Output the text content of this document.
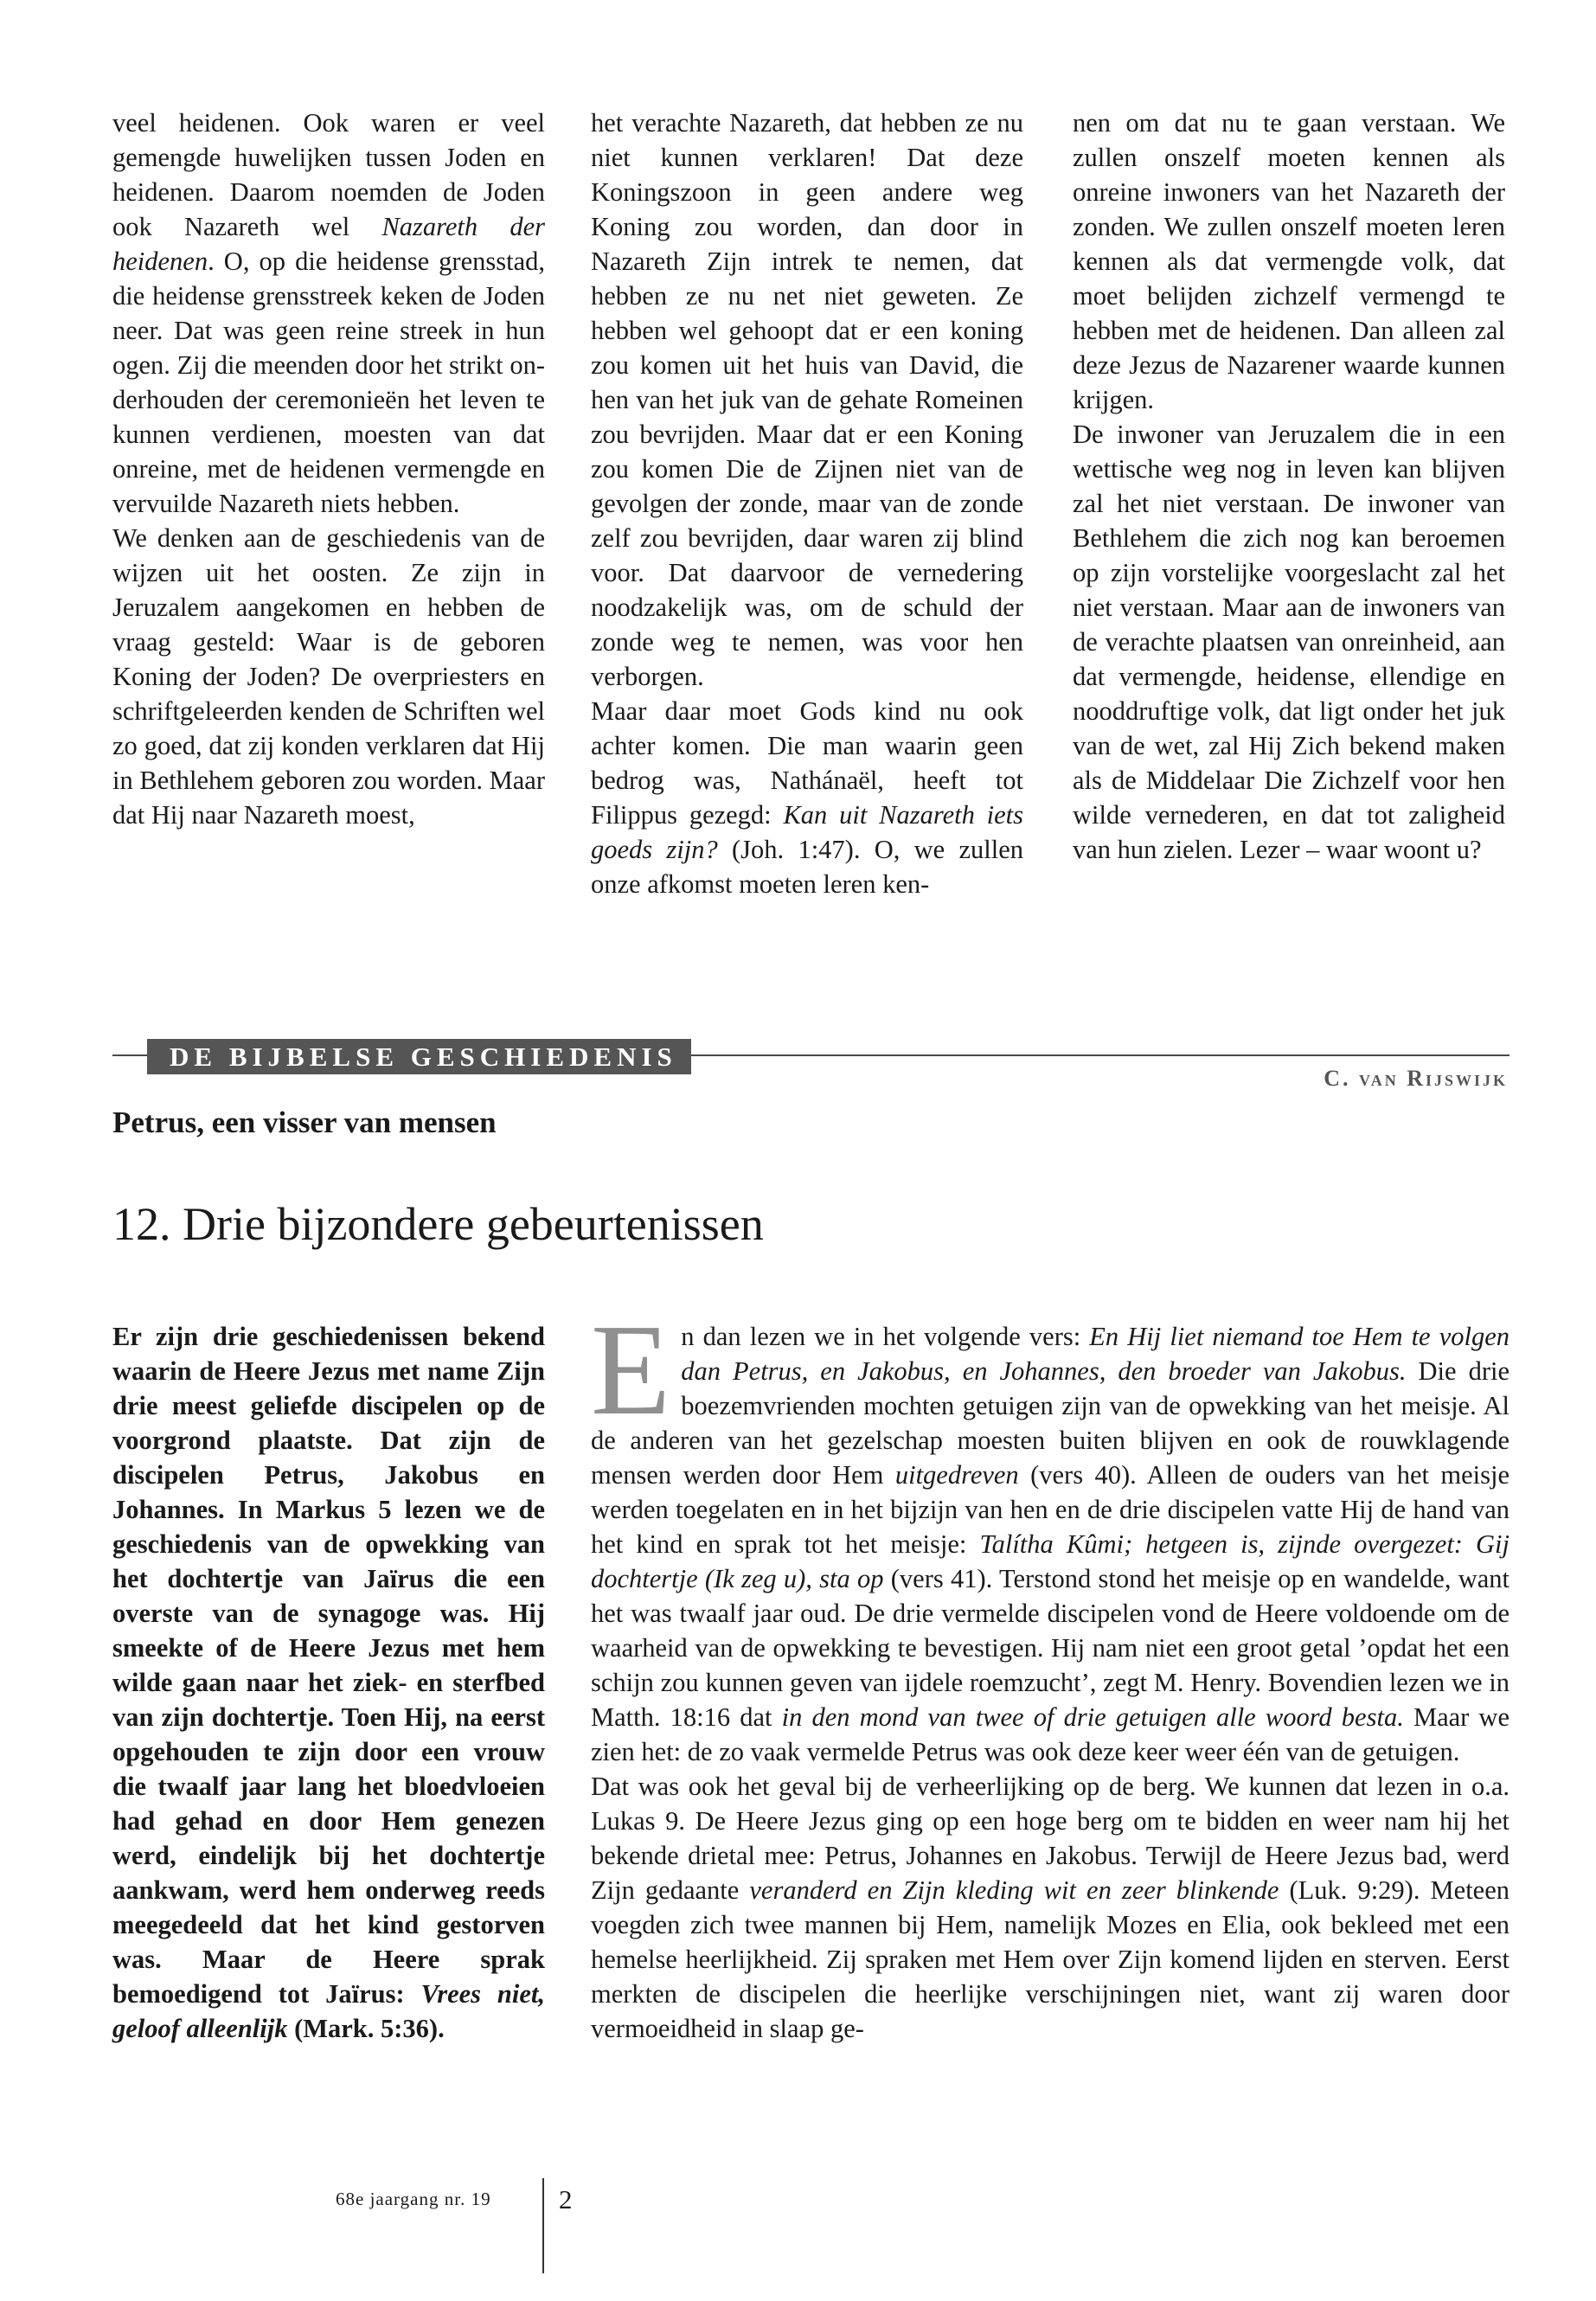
veel heidenen. Ook waren er veel gemengde huwelijken tussen Joden en heidenen. Daarom noemden de Joden ook Nazareth wel Nazareth der heidenen. O, op die heidense grensstad, die heidense grensstreek keken de Joden neer. Dat was geen reine streek in hun ogen. Zij die meenden door het strikt onderhouden der ceremonieën het leven te kunnen verdienen, moesten van dat onreine, met de heidenen vermengde en vervuilde Nazareth niets hebben.

We denken aan de geschiedenis van de wijzen uit het oosten. Ze zijn in Jeruzalem aangekomen en hebben de vraag gesteld: Waar is de geboren Koning der Joden? De overpriesters en schriftgeleerden kenden de Schriften wel zo goed, dat zij konden verklaren dat Hij in Bethlehem geboren zou worden. Maar dat Hij naar Nazareth moest,

het verachte Nazareth, dat hebben ze nu niet kunnen verklaren! Dat deze Koningszoon in geen andere weg Koning zou worden, dan door in Nazareth Zijn intrek te nemen, dat hebben ze nu net niet geweten. Ze hebben wel gehoopt dat er een koning zou komen uit het huis van David, die hen van het juk van de gehate Romeinen zou bevrijden. Maar dat er een Koning zou komen Die de Zijnen niet van de gevolgen der zonde, maar van de zonde zelf zou bevrijden, daar waren zij blind voor. Dat daarvoor de vernedering noodzakelijk was, om de schuld der zonde weg te nemen, was voor hen verborgen.

Maar daar moet Gods kind nu ook achter komen. Die man waarin geen bedrog was, Nathánaël, heeft tot Filippus gezegd: Kan uit Nazareth iets goeds zijn? (Joh. 1:47). O, we zullen onze afkomst moeten leren ken-

nen om dat nu te gaan verstaan. We zullen onszelf moeten kennen als onreine inwoners van het Nazareth der zonden. We zullen onszelf moeten leren kennen als dat vermengde volk, dat moet belijden zichzelf vermengd te hebben met de heidenen. Dan alleen zal deze Jezus de Nazarener waarde kunnen krijgen.

De inwoner van Jeruzalem die in een wettische weg nog in leven kan blijven zal het niet verstaan. De inwoner van Bethlehem die zich nog kan beroemen op zijn vorstelijke voorgeslacht zal het niet verstaan. Maar aan de inwoners van de verachte plaatsen van onreinheid, aan dat vermengde, heidense, ellendige en nooddruftige volk, dat ligt onder het juk van de wet, zal Hij Zich bekend maken als de Middelaar Die Zichzelf voor hen wilde vernederen, en dat tot zaligheid van hun zielen. Lezer – waar woont u?

DE BIJBELSE GESCHIEDENIS
C. van Rijswijk
Petrus, een visser van mensen
12. Drie bijzondere gebeurtenissen
Er zijn drie geschiedenissen bekend waarin de Heere Jezus met name Zijn drie meest geliefde discipelen op de voorgrond plaatste. Dat zijn de discipelen Petrus, Jakobus en Johannes. In Markus 5 lezen we de geschiedenis van de opwekking van het dochtertje van Jaïrus die een overste van de synagoge was. Hij smeekte of de Heere Jezus met hem wilde gaan naar het ziek- en sterfbed van zijn dochtertje. Toen Hij, na eerst opgehouden te zijn door een vrouw die twaalf jaar lang het bloedvloeien had gehad en door Hem genezen werd, eindelijk bij het dochtertje aankwam, werd hem onderweg reeds meegedeeld dat het kind gestorven was. Maar de Heere sprak bemoedigend tot Jaïrus: Vrees niet, geloof alleenlijk (Mark. 5:36).

En dan lezen we in het volgende vers: En Hij liet niemand toe Hem te volgen dan Petrus, en Jakobus, en Johannes, den broeder van Jakobus. Die drie boezemvrienden mochten getuigen zijn van de opwekking van het meisje. Al de anderen van het gezelschap moesten buiten blijven en ook de rouwklagende mensen werden door Hem uitgedreven (vers 40). Alleen de ouders van het meisje werden toegelaten en in het bijzijn van hen en de drie discipelen vatte Hij de hand van het kind en sprak tot het meisje: Talítha Kûmi; hetgeen is, zijnde overgezet: Gij dochtertje (Ik zeg u), sta op (vers 41). Terstond stond het meisje op en wandelde, want het was twaalf jaar oud. De drie vermelde discipelen vond de Heere voldoende om de waarheid van de opwekking te bevestigen. Hij nam niet een groot getal ’opdat het een schijn zou kunnen geven van ijdele roemzucht’, zegt M. Henry. Bovendien lezen we in Matth. 18:16 dat in den mond van twee of drie getuigen alle woord besta. Maar we zien het: de zo vaak vermelde Petrus was ook deze keer weer één van de getuigen.

Dat was ook het geval bij de verheerlijking op de berg. We kunnen dat lezen in o.a. Lukas 9. De Heere Jezus ging op een hoge berg om te bidden en weer nam hij het bekende drietal mee: Petrus, Johannes en Jakobus. Terwijl de Heere Jezus bad, werd Zijn gedaante veranderd en Zijn kleding wit en zeer blinkende (Luk. 9:29). Meteen voegden zich twee mannen bij Hem, namelijk Mozes en Elia, ook bekleed met een hemelse heerlijkheid. Zij spraken met Hem over Zijn komend lijden en sterven. Eerst merkten de discipelen die heerlijke verschijningen niet, want zij waren door vermoeidheid in slaap ge-

68e jaargang nr. 19	2
